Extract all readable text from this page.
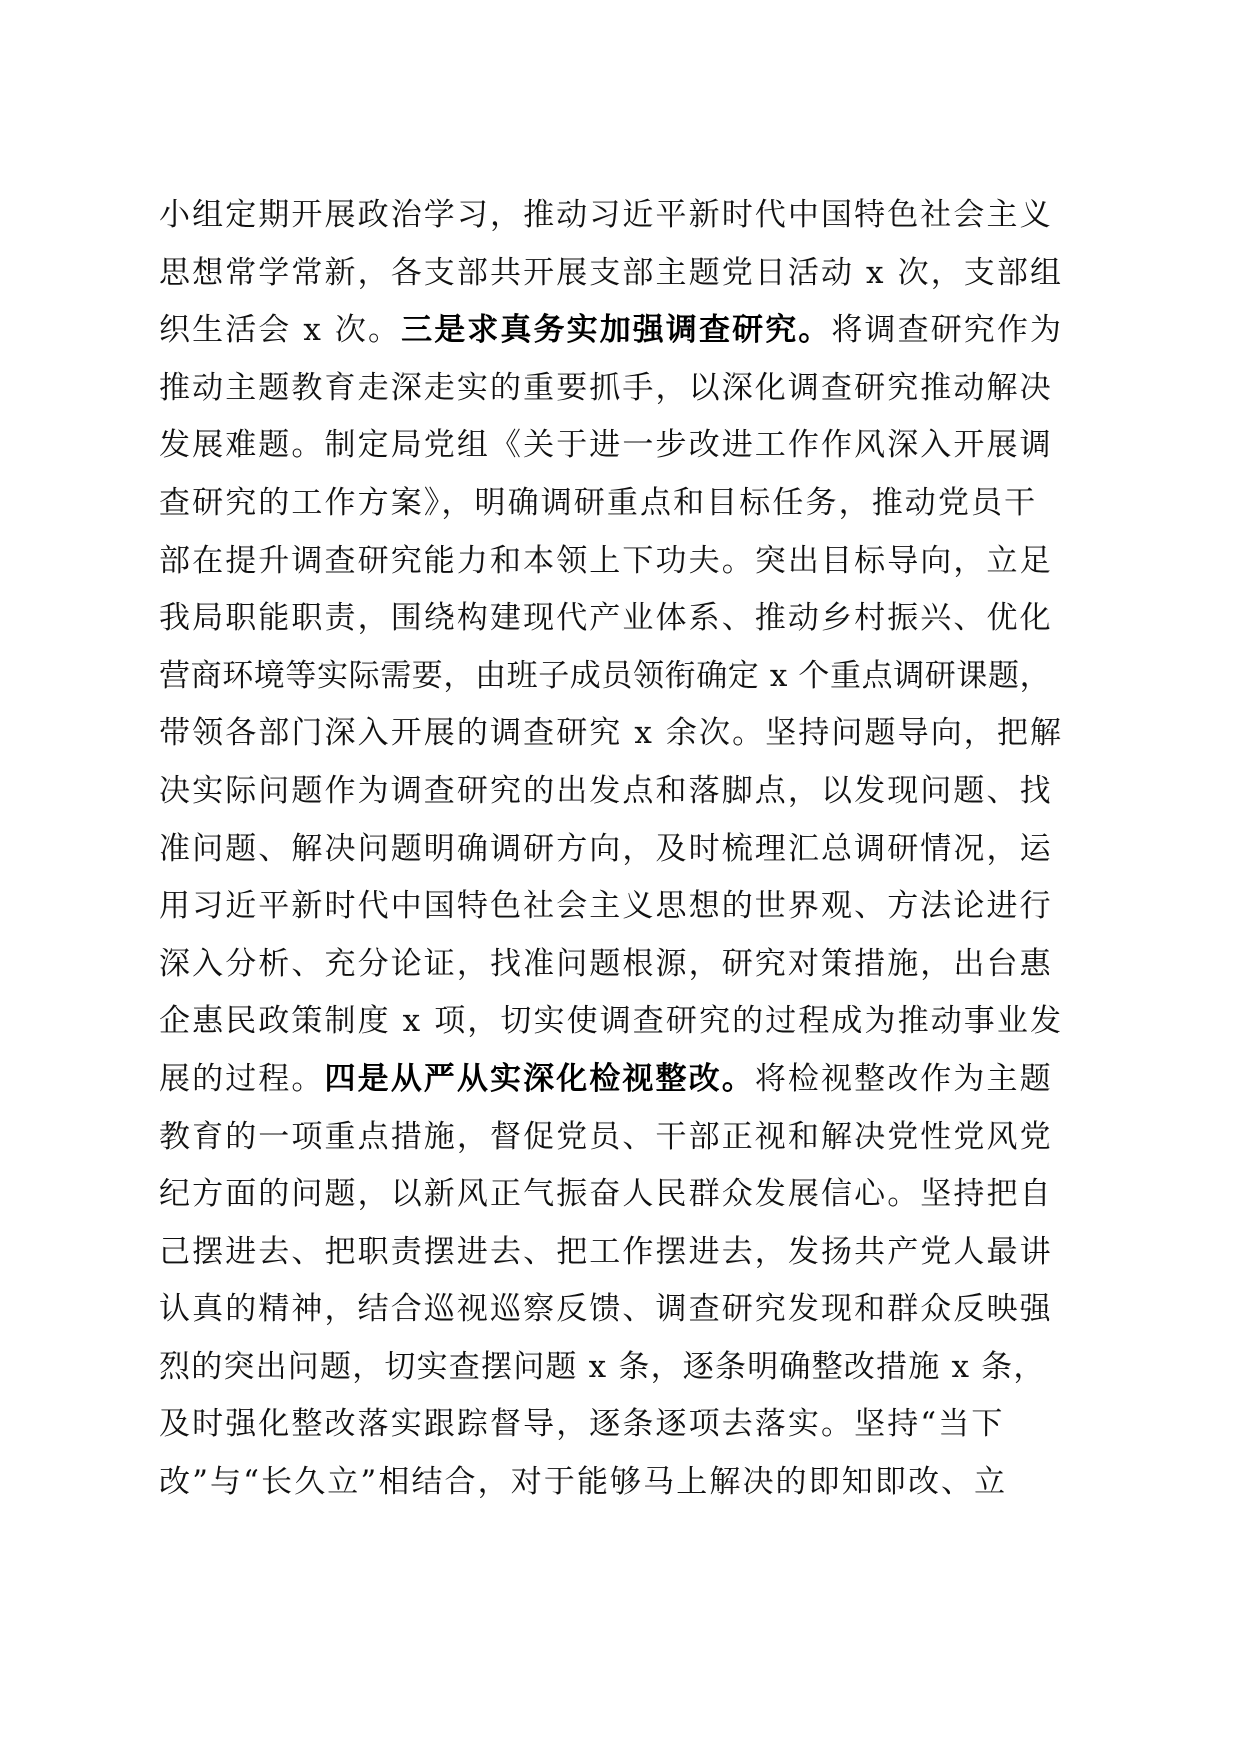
小组定期开展政治学习，推动习近平新时代中国特色社会主义
思想常学常新，各支部共开展支部主题党日活动 x 次，支部组
织生活会 x 次。三是求真务实加强调查研究。将调查研究作为
推动主题教育走深走实的重要抓手，以深化调查研究推动解决
发展难题。制定局党组《关于进一步改进工作作风深入开展调
查研究的工作方案》，明确调研重点和目标任务，推动党员干
部在提升调查研究能力和本领上下功夫。突出目标导向，立足
我局职能职责，围绕构建现代产业体系、推动乡村振兴、优化
营商环境等实际需要，由班子成员领衔确定 x 个重点调研课题，
带领各部门深入开展的调查研究 x 余次。坚持问题导向，把解
决实际问题作为调查研究的出发点和落脚点，以发现问题、找
准问题、解决问题明确调研方向，及时梳理汇总调研情况，运
用习近平新时代中国特色社会主义思想的世界观、方法论进行
深入分析、充分论证，找准问题根源，研究对策措施，出台惠
企惠民政策制度 x 项，切实使调查研究的过程成为推动事业发
展的过程。四是从严从实深化检视整改。将检视整改作为主题
教育的一项重点措施，督促党员、干部正视和解决党性党风党
纪方面的问题，以新风正气振奋人民群众发展信心。坚持把自
己摆进去、把职责摆进去、把工作摆进去，发扬共产党人最讲
认真的精神，结合巡视巡察反馈、调查研究发现和群众反映强
烈的突出问题，切实查摆问题 x 条，逐条明确整改措施 x 条，
及时强化整改落实跟踪督导，逐条逐项去落实。坚持“当下
改”与“长久立”相结合，对于能够马上解决的即知即改、立
